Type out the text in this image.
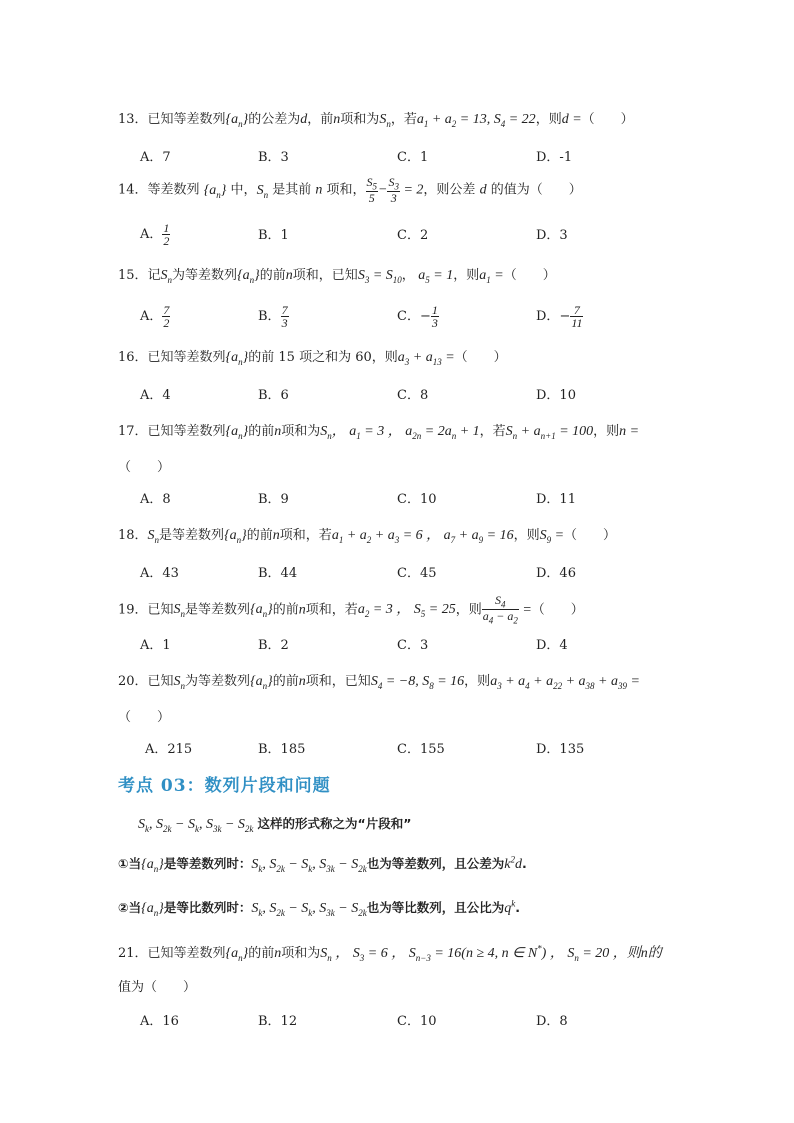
13．已知等差数列$\{a_n\}$的公差为d，前n项和为$S_n$，若$a_1 + a_2 = 13$, $S_4 = 22$，则d =（　　）
A．7	B．3	C．1	D．-1
14．等差数列 $\{a_n\}$ 中，$S_n$ 是其前 n 项和， $\frac{S_5}{5} - \frac{S_3}{3} = 2$，则公差 d 的值为（　　）
A． $\frac{1}{2}$	B．1	C．2	D．3
15．记$S_n$为等差数列$\{a_n\}$的前n项和，已知$S_3 = S_{10}$， $a_5 = 1$，则$a_1$ =（　　）
A． $\frac{7}{2}$	B． $\frac{7}{3}$	C．− $\frac{1}{3}$	D．− $\frac{7}{11}$
16．已知等差数列$\{a_n\}$的前 15 项之和为 60，则$a_3 + a_{13}$ =（　　）
A．4	B．6	C．8	D．10
17．已知等差数列$\{a_n\}$的前n项和为$S_n$， $a_1 = 3$ ， $a_{2n} = 2a_n + 1$，若$S_n + a_{n+1} = 100$，则n =
（　　）
A．8	B．9	C．10	D．11
18．$S_n$是等差数列$\{a_n\}$的前n项和，若$a_1 + a_2 + a_3 = 6$ ， $a_7 + a_9 = 16$，则$S_9$ =（　　）
A．43	B．44	C．45	D．46
19．已知$S_n$是等差数列$\{a_n\}$的前n项和，若$a_2 = 3$ ， $S_5 = 25$，则 $\frac{S_4}{a_4 - a_2}$ =（　　）
A．1	B．2	C．3	D．4
20．已知$S_n$为等差数列$\{a_n\}$的前n项和，已知$S_4 = -8$, $S_8 = 16$，则$a_3 + a_4 + a_{22} + a_{38} + a_{39}$ =
（　　）
A．215	B．185	C．155	D．135
考点 03：数列片段和问题
$S_k$, $S_{2k} - S_k$, $S_{3k} - S_{2k}$ 这样的形式称之为“片段和”
①当$\{a_n\}$是等差数列时：$S_k$, $S_{2k} - S_k$, $S_{3k} - S_{2k}$也为等差数列，且公差为$k^2d$.
②当$\{a_n\}$是等比数列时：$S_k$, $S_{2k} - S_k$, $S_{3k} - S_{2k}$也为等比数列，且公比为$q^k$.
21．已知等差数列$\{a_n\}$的前n项和为$S_n$ ， $S_3 = 6$ ， $S_{n-3} = 16(n \ge 4$, n ∈ N*) ， $S_n = 20$ ，则n的
值为（　　）
A．16	B．12	C．10	D．8
